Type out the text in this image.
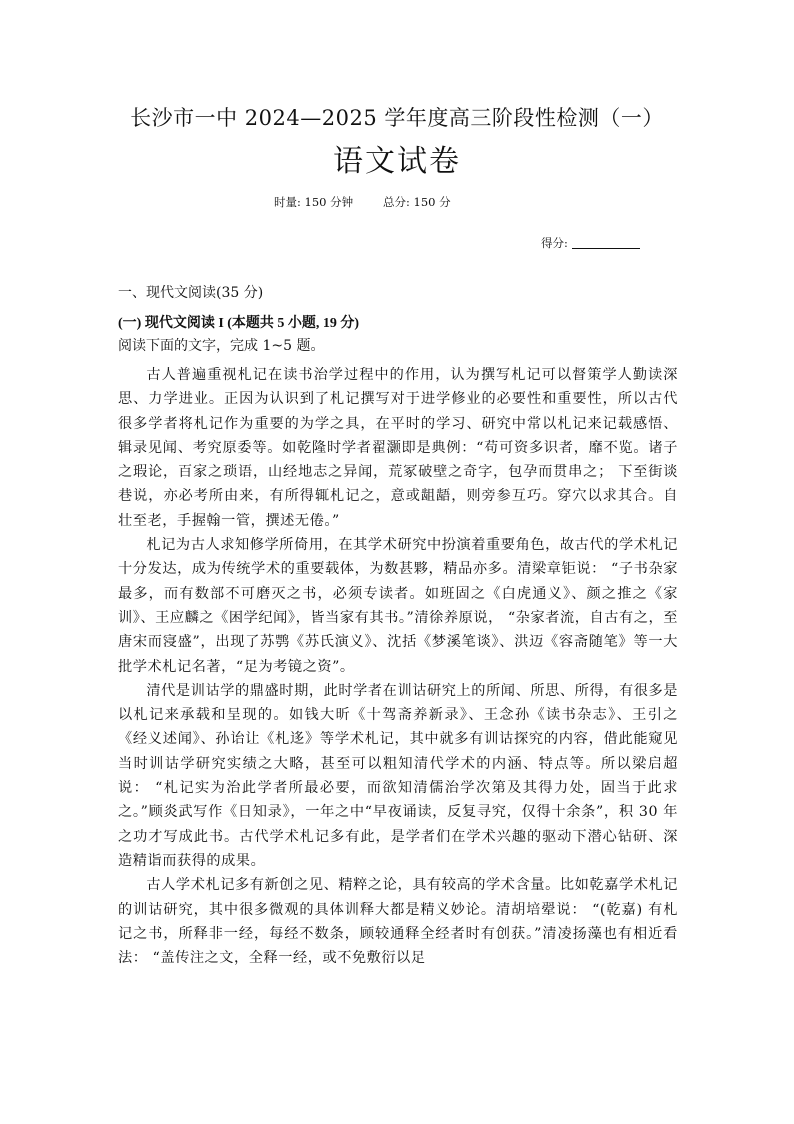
长沙市一中 2024—2025 学年度高三阶段性检测（一）
语文试卷
时量: 150 分钟	总分: 150 分
得分:
一、现代文阅读(35 分)
(一) 现代文阅读 I (本题共 5 小题, 19 分)
阅读下面的文字，完成 1~5 题。

古人普遍重视札记在读书治学过程中的作用，认为撰写札记可以督策学人勤读深思、力学进业。正因为认识到了札记撰写对于进学修业的必要性和重要性，所以古代很多学者将札记作为重要的为学之具，在平时的学习、研究中常以札记来记载感悟、辑录见闻、考究原委等。如乾隆时学者翟灏即是典例：“苟可资多识者，靡不览。诸子之瑕论，百家之琐语，山经地志之异闻，荒冢破壁之奇字，包孕而贯串之； 下至街谈巷说，亦必考所由来，有所得辄札记之，意或龃龉，则旁参互巧。穿穴以求其合。自壮至老，手握翰一管，撰述无倦。”

札记为古人求知修学所倚用，在其学术研究中扮演着重要角色，故古代的学术札记十分发达，成为传统学术的重要载体，为数甚夥，精品亦多。清梁章钜说： “子书杂家最多，而有数部不可磨灭之书，必须专读者。如班固之《白虎通义》、颜之推之《家训》、王应麟之《困学纪闻》，皆当家有其书。”清徐养原说， “杂家者流，自古有之，至唐宋而寖盛”，出现了苏鹗《苏氏演义》、沈括《梦溪笔谈》、洪迈《容斋随笔》等一大批学术札记名著，“足为考镜之资”。

清代是训诂学的鼎盛时期，此时学者在训诂研究上的所闻、所思、所得，有很多是以札记来承载和呈现的。如钱大昕《十驾斋养新录》、王念孙《读书杂志》、王引之《经义述闻》、孙诒让《札迻》等学术札记，其中就多有训诂探究的内容，借此能窥见当时训诂学研究实绩之大略，甚至可以粗知清代学术的内涵、特点等。所以梁启超说： “札记实为治此学者所最必要，而欲知清儒治学次第及其得力处，固当于此求之。”顾炎武写作《日知录》，一年之中“早夜诵读，反复寻究，仅得十余条”，积 30 年之功才写成此书。古代学术札记多有此，是学者们在学术兴趣的驱动下潜心钻研、深造精诣而获得的成果。

古人学术札记多有新创之见、精粹之论，具有较高的学术含量。比如乾嘉学术札记的训诂研究，其中很多微观的具体训释大都是精义妙论。清胡培翚说： “(乾嘉) 有札记之书，所释非一经，每经不数条，顾较通释全经者时有创获。”清凌扬藻也有相近看法： “盖传注之文，全释一经，或不免敷衍以足
